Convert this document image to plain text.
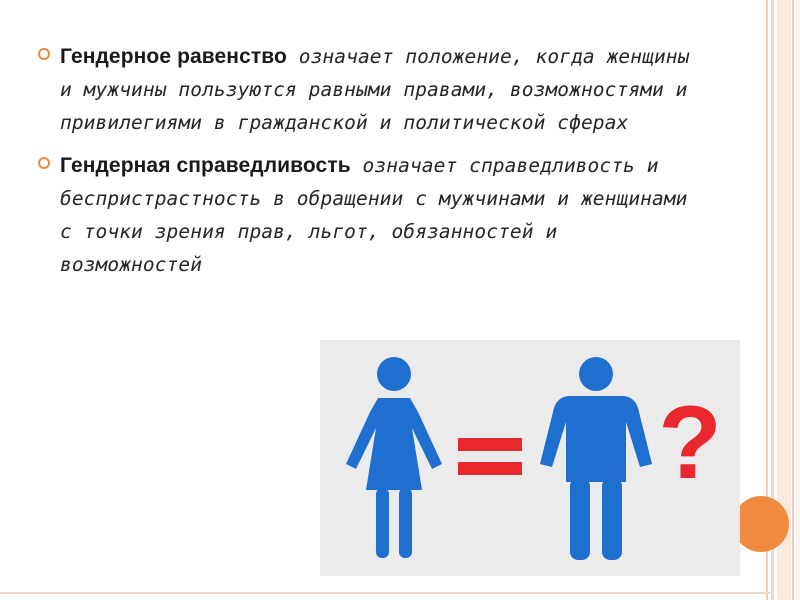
Гендерное равенство означает положение, когда женщины и мужчины пользуются равными правами, возможностями и привилегиями в гражданской и политической сферах
Гендерная справедливость означает справедливость и беспристрастность в обращении с мужчинами и женщинами с точки зрения прав, льгот, обязанностей и возможностей
?
